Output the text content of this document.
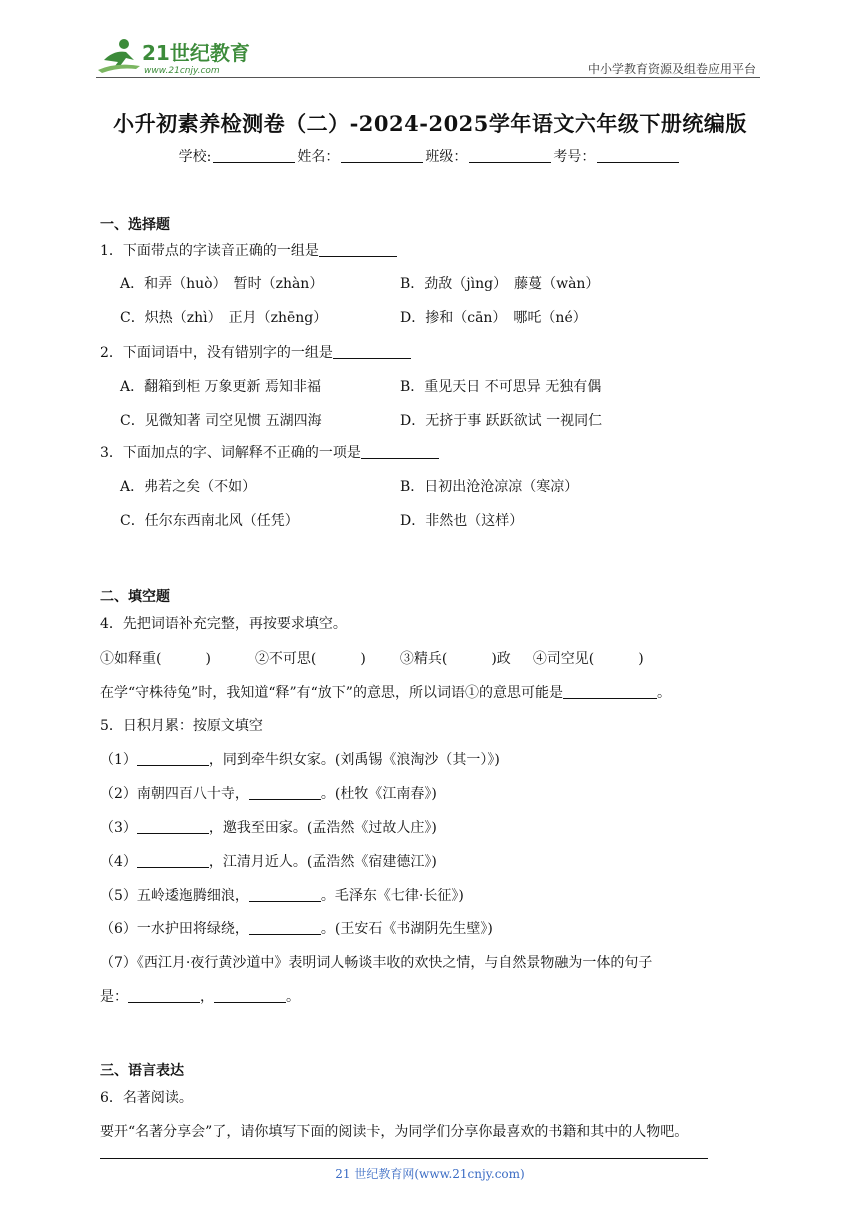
21世纪教育
www.21cnjy.com	中小学教育资源及组卷应用平台
小升初素养检测卷（二）-2024-2025学年语文六年级下册统编版
学校:	姓名：	班级：	考号：
一、选择题
1．下面带点的字读音正确的一组是
A．和弄（huò）　暂时（zhàn）	B．劲敌（jìng）　藤蔓（wàn）
C．炽热（zhì）　正月（zhēng）	D．掺和（cān）　哪吒（né）
2．下面词语中，没有错别字的一组是
A．翻箱到柜 万象更新 焉知非福	B．重见天日 不可思异 无独有偶
C．见微知著 司空见惯 五湖四海	D．无挤于事 跃跃欲试 一视同仁
3．下面加点的字、词解释不正确的一项是
A．弗若之矣（不如）	B．日初出沧沧凉凉（寒凉）
C．任尔东西南北风（任凭）	D．非然也（这样）
二、填空题
4．先把词语补充完整，再按要求填空。
①如释重(	)	②不可思(	) ③精兵(	)政 ④司空见(	)
在学“守株待兔”时，我知道“释”有“放下”的意思，所以词语①的意思可能是	。
5．日积月累：按原文填空
（1）	，同到牵牛织女家。(刘禹锡《浪淘沙（其一）》)
（2）南朝四百八十寺，	。(杜牧《江南春》)
（3）	，邀我至田家。(孟浩然《过故人庄》)
（4）	，江清月近人。(孟浩然《宿建德江》)
（5）五岭逶迤腾细浪，	。毛泽东《七律·长征》)
（6）一水护田将绿绕，	。(王安石《书湖阴先生壁》)
（7）《西江月·夜行黄沙道中》表明词人畅谈丰收的欢快之情，与自然景物融为一体的句子
是：	，	。
三、语言表达
6．名著阅读。
要开“名著分享会”了，请你填写下面的阅读卡，为同学们分享你最喜欢的书籍和其中的人物吧。
21 世纪教育网(www.21cnjy.com)
